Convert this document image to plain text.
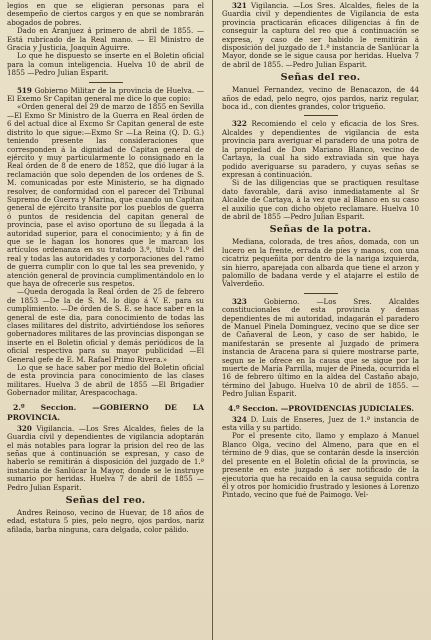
legios en que se eligieran personas para el desempeño de ciertos cargos y en que se nombrarán abogados de pobres.

Dado en Aranjuez á primero de abril de 1855. —Está rubricado de la Real mano. — El Ministro de Gracia y Justicia, Joaquin Aguirre.

Lo que he dispuesto se inserte en el Boletin oficial para la comun inteligencia. Huelva 10 de abril de 1855 —Pedro Julian Esparit.

519 Gobierno Militar de la provincia de Huelva. —El Exemo Sr Capitan general me dice lo que copio:

«Orden general del 29 de marzo de 1855 en Sevilla —El Exmo Sr Ministro de la Guerra en Real órden de 6 del actual dice al Excmo Sr Capitan general de este distrito lo que sigue:—Exmo Sr —La Reina (Q. D. G.) teniendo presente las consideraciones que corresponden á la dignidad de Capitan general de ejército y muy particularmente lo consignado en la Real órden de 8 de enero de 1852, que dió lugar á la reclamación que solo dependen de los ordenes de S. M. comunicadas por este Ministerio, se ha dignado resolver, de conformidad con el parecer del Tribunal Supremo de Guerra y Marina, que cuando un Capitan general de ejército transite por los pueblos de guerra ó puntos de residencia del capitan general de provincia, pase el aviso oportuno de su llegada á la autoridad superior, para el conocimiento; y á fin de que se le hagan los honores que le marcan los artículos ordenanza en su tratado 3.º, título 1.º del real y todas las autoridades y corporaciones del ramo de guerra cumplir con lo que tal les sea prevenido, y atención general de provincia cumplimentándolo en lo que haya de ofrecerle sus respetos.

—Queda derogada la Real órden de 25 de febrero de 1853 —De la de S. M. lo digo á V. E. para su cumplimiento. —De órden de S. E. se hace saber en la general de este dia, para conocimiento de todas las clases militares del distrito, advirtiéndose los señores gobernadores militares de las provincias dispongan se inserte en el Boletin oficial y demás periódicos de la oficial respectiva para su mayor publicidad —El General gefe de E. M. Rafael Primo Rivera.»

Lo que se hace saber por medio del Boletin oficial de esta provincia para conocimiento de las clases militares. Huelva 3 de abril de 1855 —El Brigadier Gobernador militar, Arespacochaga.

2.º Seccion. —GOBIERNO DE LA PROVINCIA.

320 Vigilancia. —Los Sres Alcaldes, fieles de la Guardia civil y dependientes de vigilancia adoptarán el más notables para lograr la prision del reo de las señas que á continuación se expresan, y caso de haberlo se remitirán á disposición del juzgado de 1.ª instancia de Sanlúcar la Mayor, donde se le instruye sumario por heridas. Huelva 7 de abril de 1855 —Pedro Julian Esparit.

Señas del reo.

Andres Reinoso, vecino de Huevar, de 18 años de edad, estatura 5 pies, pelo negro, ojos pardos, nariz afilada, barba ninguna, cara delgada, color pálido.

321 Vigilancia. —Los Sres. Alcaldes, fieles de la Guardia civil y dependientes de Vigilancia de esta provincia practicarán eficaces diligencias á fin de conseguir la captura del reo que á continuación se expresa, y caso de ser habido le remitirán á disposición del juzgado de 1.ª instancia de Sanlúcar la Mayor, donde se le sigue causa por heridas. Huelva 7 de abril de 1855. —Pedro Julian Esparit.

Señas del reo.

Manuel Fernandez, vecino de Benacazon, de 44 años de edad, pelo negro, ojos pardos, nariz regular, boca id., con dientes grandes, color trigueño.

322 Recomiendo el celo y eficacia de los Sres. Alcaldes y dependientes de vigilancia de esta provincia para averiguar el paradero de una potra de la propiedad de Don Mariano Blanco, vecino de Cartaya, la cual ha sido extraviada sin que haya podido averiguarse su paradero, y cuyas señas se expresan á continuación.

Si de las diligencias que se practiquen resultase dato favorable, dará aviso inmediatamente al Sr Alcalde de Cartaya, á la vez que al Blanco en su caso el auxilio que con dicho objeto reclamare. Huelva 10 de abril de 1855 —Pedro Julian Esparit.

Señas de la potra.

Mediana, colorada, de tres años, domada, con un lucero en la frente, errada de pies y manos, con una cicatriz pequeñita por dentro de la nariga izquierda, sin hierro, aparejada con albarda que tiene el arzon y palomillo de badana verde y el atajarre el estilo de Valverdeño.

323 Gobierno. —Los Sres. Alcaldes constitucionales de esta provincia y demas dependientes de mi autoridad, indagarán el paradero de Manuel Pinela Dominguez, vecino que se dice ser de Cañaveral de Leon, y caso de ser habido, le manifestarán se presente al Juzgado de primera instancia de Aracena para si quiere mostrarse parte, segun se le ofrece en la causa que se sigue por la muerte de María Parrilla, mujer de Pineda, ocurrida el 16 de febrero último en la aldea del Castaño abajo, término del Jabugo. Huelva 10 de abril de 1855. —Pedro Julian Esparit.

4.º Seccion. —PROVIDENCIAS JUDICIALES.

324 D. Luis de Enseres, Juez de 1.ª instancia de esta villa y su partido.

Por el presente cito, llamo y emplazo á Manuel Blanco Olga, vecino del Almeno, para que en el término de 9 dias, que se contarán desde la inserción del presente en el Boletín oficial de la provincia, se presente en este juzgado á ser notificado de la ejecutoria que ha recaido en la causa seguida contra él y otros por homicidio frustrado y lesiones á Lorenzo Pintado, vecino que fué de Paimogo. Vel-
